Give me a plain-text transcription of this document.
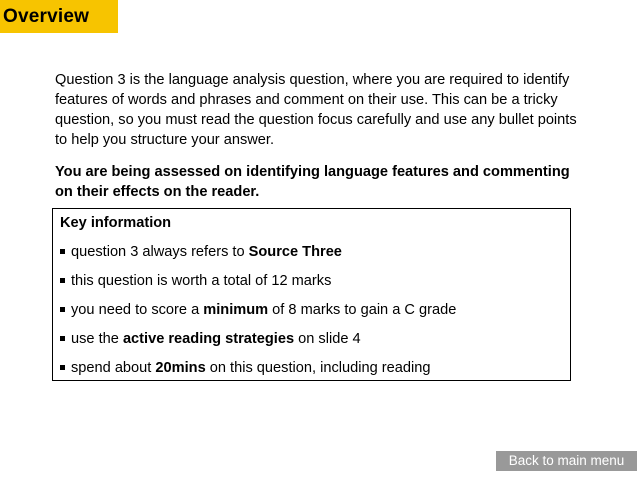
Overview

Question 3 is the language analysis question, where you are required to identify features of words and phrases and comment on their use. This can be a tricky question, so you must read the question focus carefully and use any bullet points to help you structure your answer.

You are being assessed on identifying language features and commenting on their effects on the reader.

Key information

question 3 always refers to Source Three
this question is worth a total of 12 marks
you need to score a minimum of 8 marks to gain a C grade
use the active reading strategies on slide 4
spend about 20mins on this question, including reading
Back to main menu
